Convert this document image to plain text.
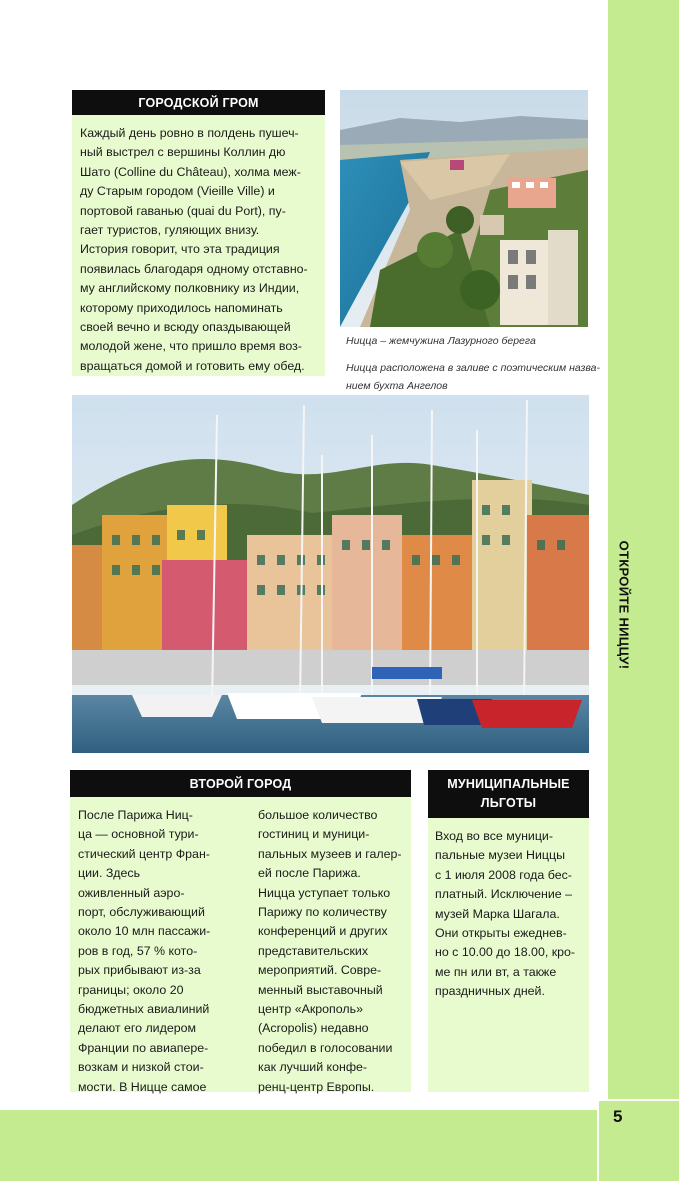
ОТКРОЙТЕ НИЦЦУ!
5
ГОРОДСКОЙ ГРОМ
Каждый день ровно в полдень пушеч-
ный выстрел с вершины Коллин дю
Шато (Colline du Château), холма меж-
ду Старым городом (Vieille Ville) и
портовой гаванью (quai du Port), пу-
гает туристов, гуляющих внизу.
История говорит, что эта традиция
появилась благодаря одному отставно-
му английскому полковнику из Индии,
которому приходилось напоминать
своей вечно и всюду опаздывающей
молодой жене, что пришло время воз-
вращаться домой и готовить ему обед.
Ницца – жемчужина Лазурного берега
Ницца расположена в заливе с поэтическим назва-
нием бухта Ангелов
ВТОРОЙ ГОРОД
После Парижа Ниц-
ца — основной тури-
стический центр Фран-
ции. Здесь
оживленный аэро-
порт, обслуживающий
около 10 млн пассажи-
ров в год, 57 % кото-
рых прибывают из-за
границы; около 20
бюджетных авиалиний
делают его лидером
Франции по авиапере-
возкам и низкой стои-
мости. В Ницце самое
большое количество
гостиниц и муници-
пальных музеев и галер-
ей после Парижа.
Ницца уступает только
Парижу по количеству
конференций и других
представительских
мероприятий. Совре-
менный выставочный
центр «Акрополь»
(Acropolis) недавно
победил в голосовании
как лучший конфе-
ренц-центр Европы.
МУНИЦИПАЛЬНЫЕ
ЛЬГОТЫ
Вход во все муници-
пальные музеи Ниццы
с 1 июля 2008 года бес-
платный. Исключение –
музей Марка Шагала.
Они открыты ежеднев-
но с 10.00 до 18.00, кро-
ме пн или вт, а также
праздничных дней.
